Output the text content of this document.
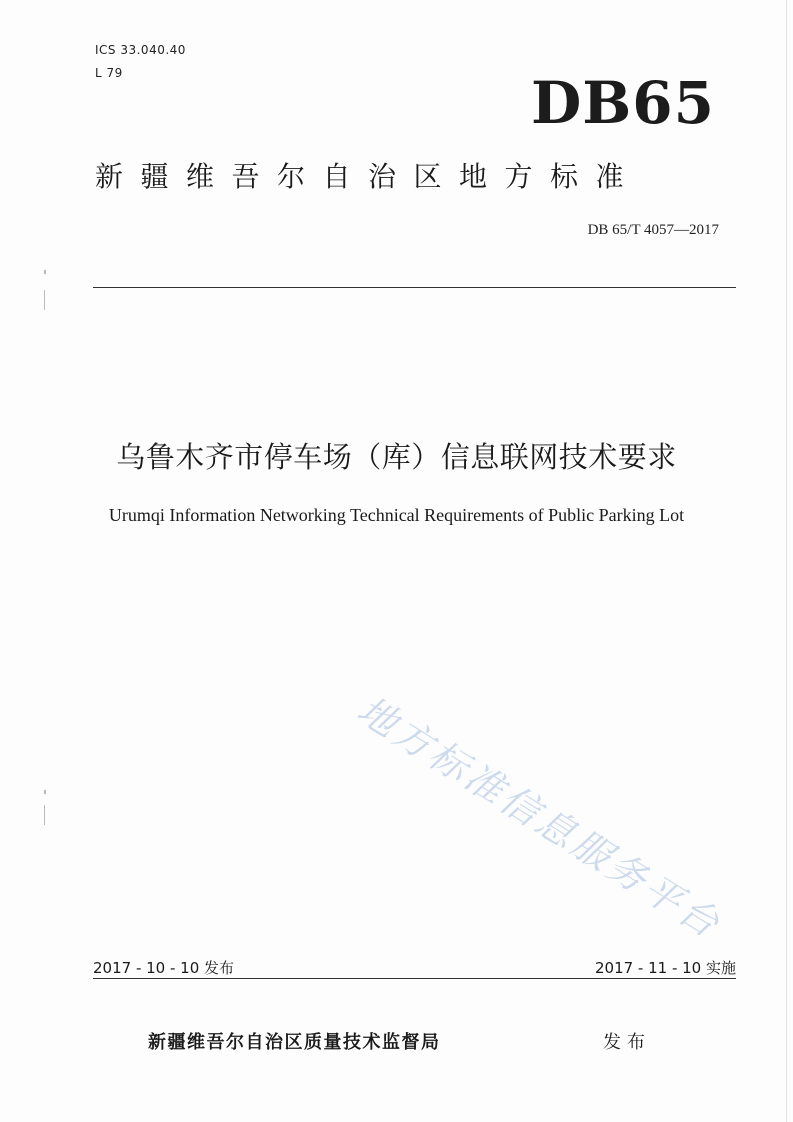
ICS 33.040.40
L 79	DB65
新疆维吾尔自治区地方标准
DB 65/T 4057—2017
乌鲁木齐市停车场（库）信息联网技术要求
Urumqi Information Networking Technical Requirements of Public Parking Lot
地方标准信息服务平台
2017 - 10 - 10 发布	2017 - 11 - 10 实施
新疆维吾尔自治区质量技术监督局	发布
